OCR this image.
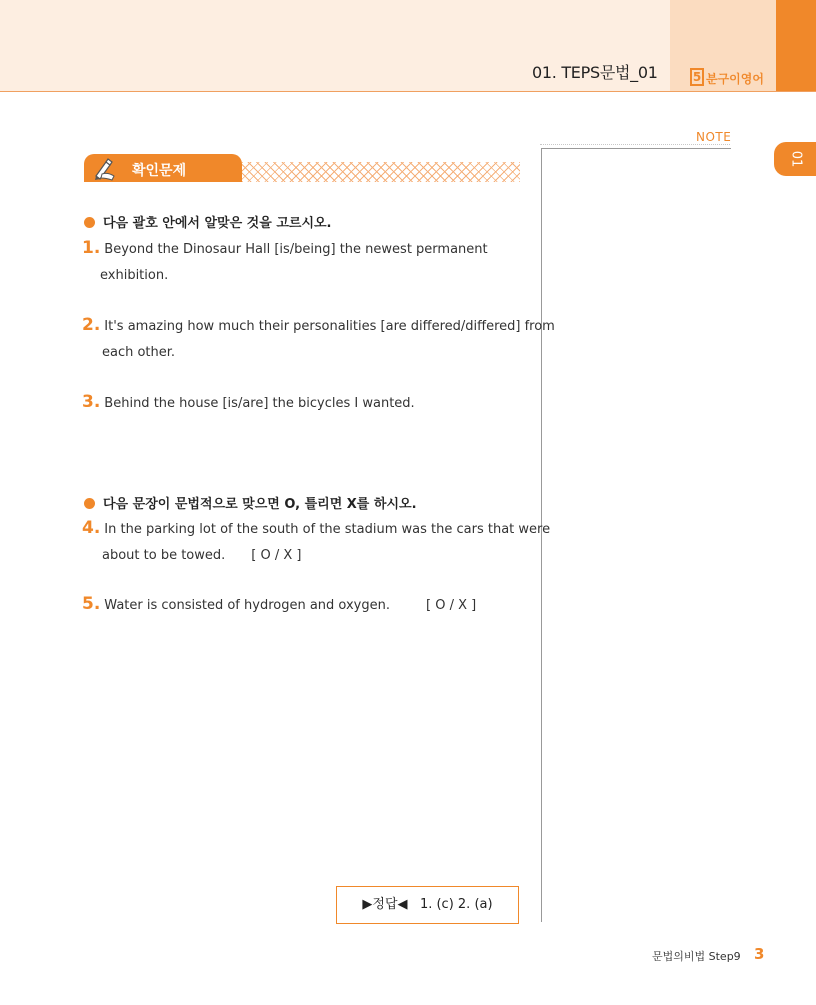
01. TEPS문법_01	5 분구이영어
NOTE
01
확인문제
다음 괄호 안에서 알맞은 것을 고르시오.
1. Beyond the Dinosaur Hall [is/being] the newest permanent
exhibition.
2. It's amazing how much their personalities [are differed/differed] from
each other.
3. Behind the house [is/are] the bicycles I wanted.
다음 문장이 문법적으로 맞으면 O, 틀리면 X를 하시오.
4. In the parking lot of the south of the stadium was the cars that were
about to be towed. [ O / X ]
5. Water is consisted of hydrogen and oxygen.	[ O / X ]
▶정답◀ 1. (c) 2. (a)
문법의비법 Step9 3
